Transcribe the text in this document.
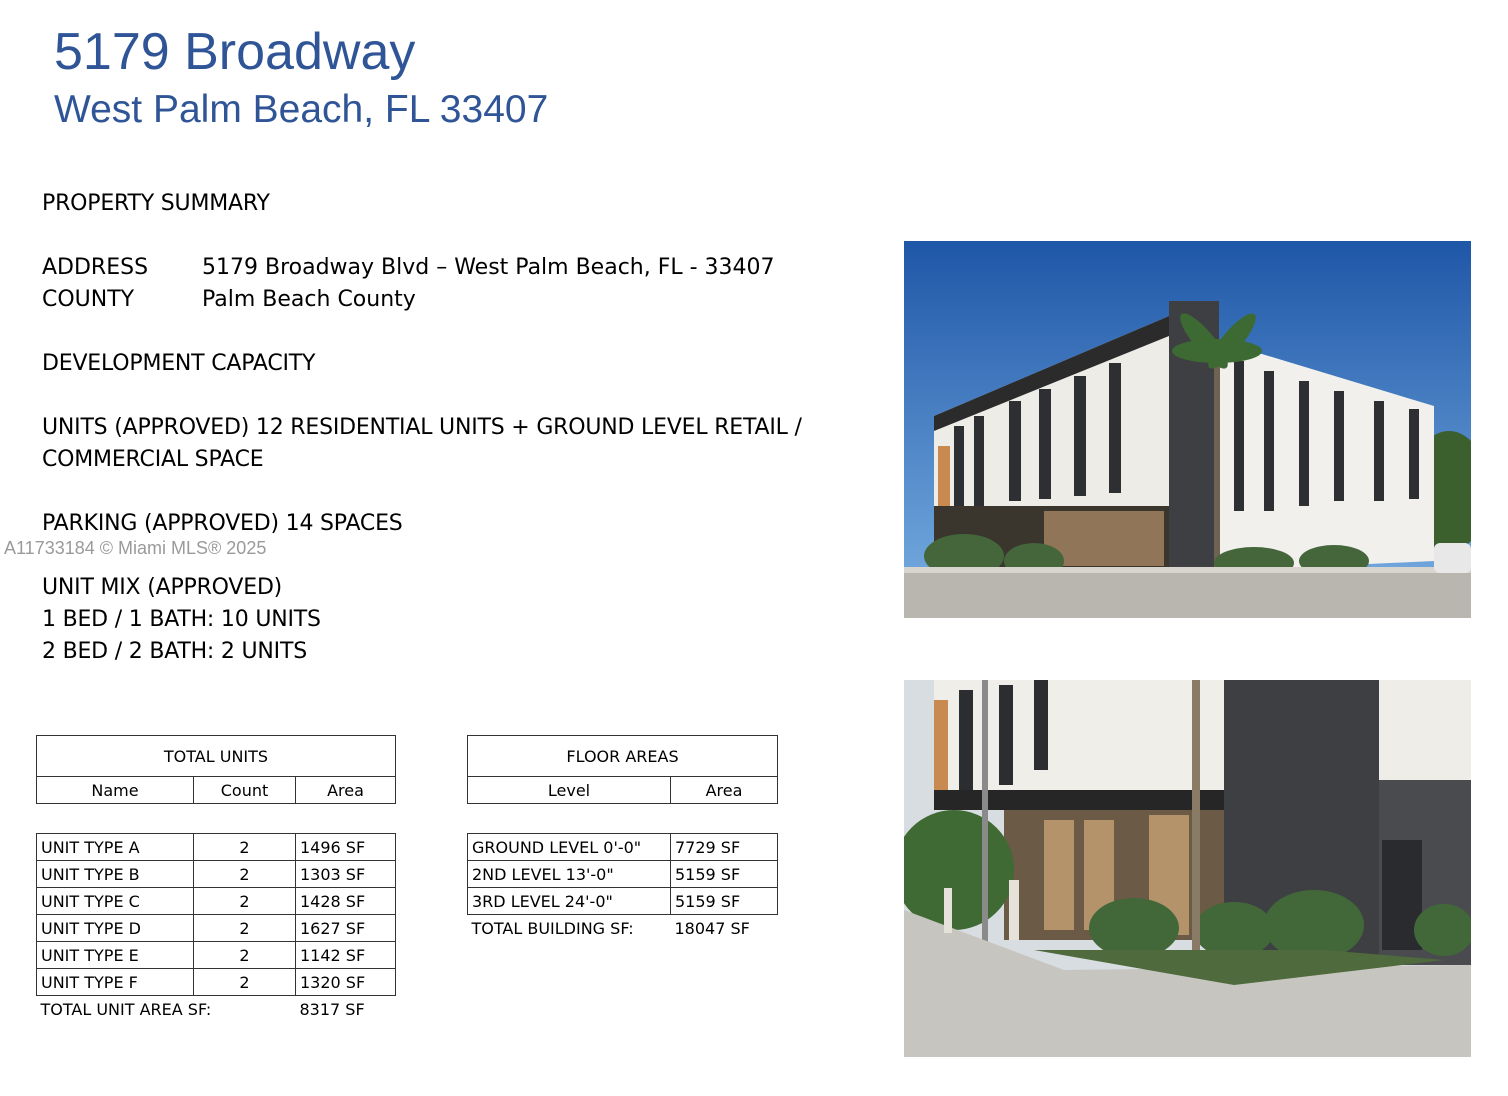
5179 Broadway
West Palm Beach, FL 33407
PROPERTY SUMMARY
ADDRESS 5179 Broadway Blvd – West Palm Beach, FL - 33407
COUNTY	Palm Beach County
DEVELOPMENT CAPACITY
UNITS (APPROVED) 12 RESIDENTIAL UNITS + GROUND LEVEL RETAIL /
COMMERCIAL SPACE
PARKING (APPROVED) 14 SPACES
A11733184 © Miami MLS® 2025
UNIT MIX (APPROVED)
1 BED / 1 BATH: 10 UNITS
2 BED / 2 BATH: 2 UNITS
TOTAL UNITS
Name	Count	Area
UNIT TYPE A	2	1496 SF
UNIT TYPE B	2	1303 SF
UNIT TYPE C	2	1428 SF
UNIT TYPE D	2	1627 SF
UNIT TYPE E	2	1142 SF
UNIT TYPE F	2	1320 SF
TOTAL UNIT AREA SF:		8317 SF
FLOOR AREAS
Level	Area
GROUND LEVEL 0'-0"	7729 SF
2ND LEVEL 13'-0"	5159 SF
3RD LEVEL 24'-0"	5159 SF
TOTAL BUILDING SF:	18047 SF
